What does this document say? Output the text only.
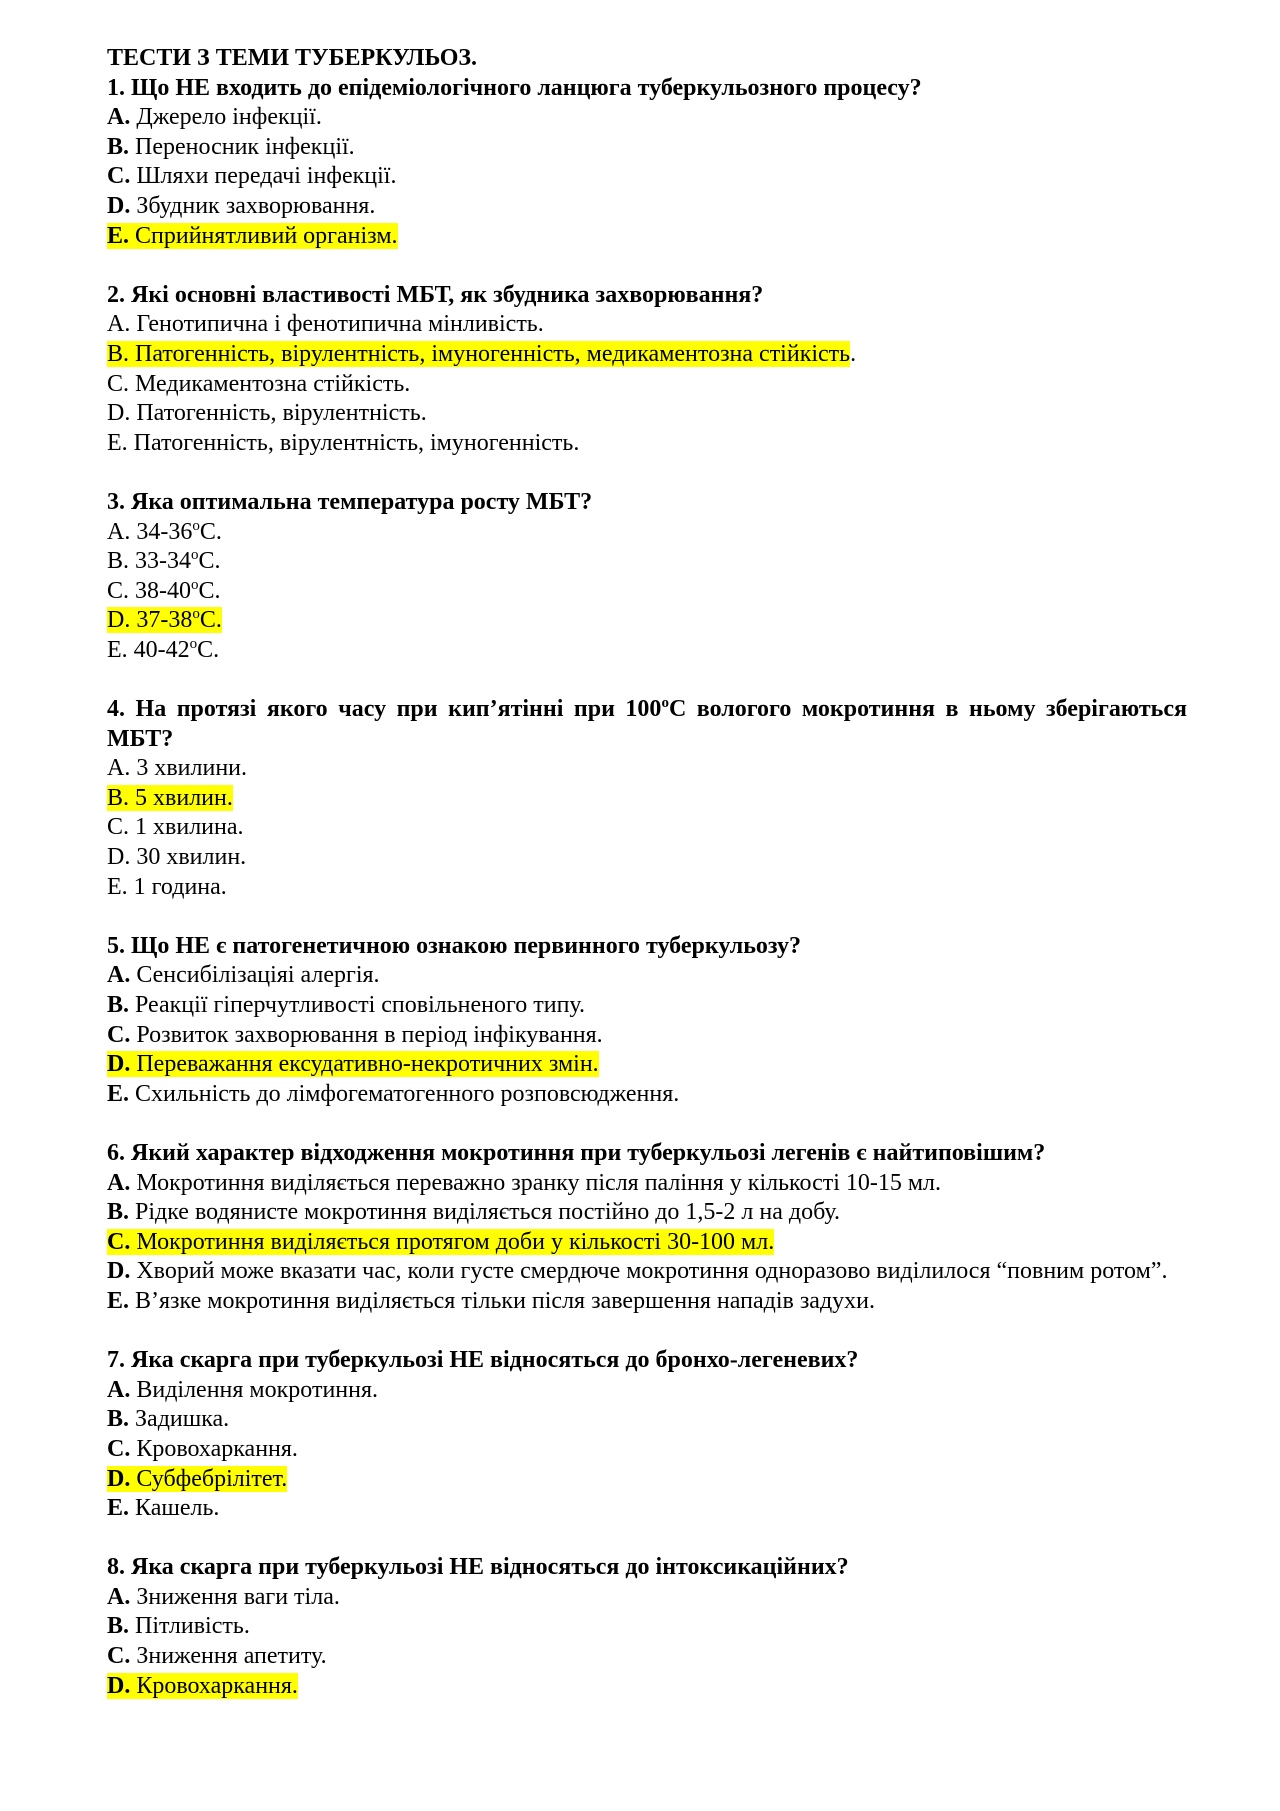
ТЕСТИ З ТЕМИ ТУБЕРКУЛЬОЗ.
1. Що НЕ входить до епідеміологічного ланцюга туберкульозного процесу?
A. Джерело інфекції.
B. Переносник інфекції.
C. Шляхи передачі інфекції.
D. Збудник захворювання.
E. Сприйнятливий організм.
2. Які основні властивості МБТ, як збудника захворювання?
A. Генотипична і фенотипична мінливість.
B. Патогенність, вірулентність, імуногенність, медикаментозна стійкість.
C. Медикаментозна стійкість.
D. Патогенність, вірулентність.
E. Патогенність, вірулентність, імуногенність.
3. Яка оптимальна температура росту МБТ?
A. 34-36$^o$С.
B. 33-34$^o$С.
C. 38-40$^o$С.
D. 37-38$^o$С.
E. 40-42$^o$С.
4. На протязі якого часу при кип’ятінні при 100$^o$С вологого мокротиння в ньому зберігаються МБТ?
A. 3 хвилини.
B. 5 хвилин.
C. 1 хвилина.
D. 30 хвилин.
E. 1 година.
5. Що НЕ є патогенетичною ознакою первинного туберкульозу?
A. Сенсибілізаціяі алергія.
B. Реакції гіперчутливості сповільненого типу.
C. Розвиток захворювання в період інфікування.
D. Переважання ексудативно-некротичних змін.
E. Схильність до лімфогематогенного розповсюдження.
6. Який характер відходження мокротиння при туберкульозі легенів є найтиповішим?
A. Мокротиння виділяється переважно зранку після паління у кількості 10-15 мл.
B. Рідке водянисте мокротиння виділяється постійно до 1,5-2 л на добу.
C. Мокротиння виділяється протягом доби у кількості 30-100 мл.
D. Хворий може вказати час, коли густе смердюче мокротиння одноразово виділилося “повним ротом”.
E. В’язке мокротиння виділяється тільки після завершення нападів задухи.
7. Яка скарга при туберкульозі НЕ відносяться до бронхо-легеневих?
A. Виділення мокротиння.
B. Задишка.
C. Кровохаркання.
D. Субфебрілітет.
E. Кашель.
8. Яка скарга при туберкульозі НЕ відносяться до інтоксикаційних?
A. Зниження ваги тіла.
B. Пітливість.
C. Зниження апетиту.
D. Кровохаркання.
